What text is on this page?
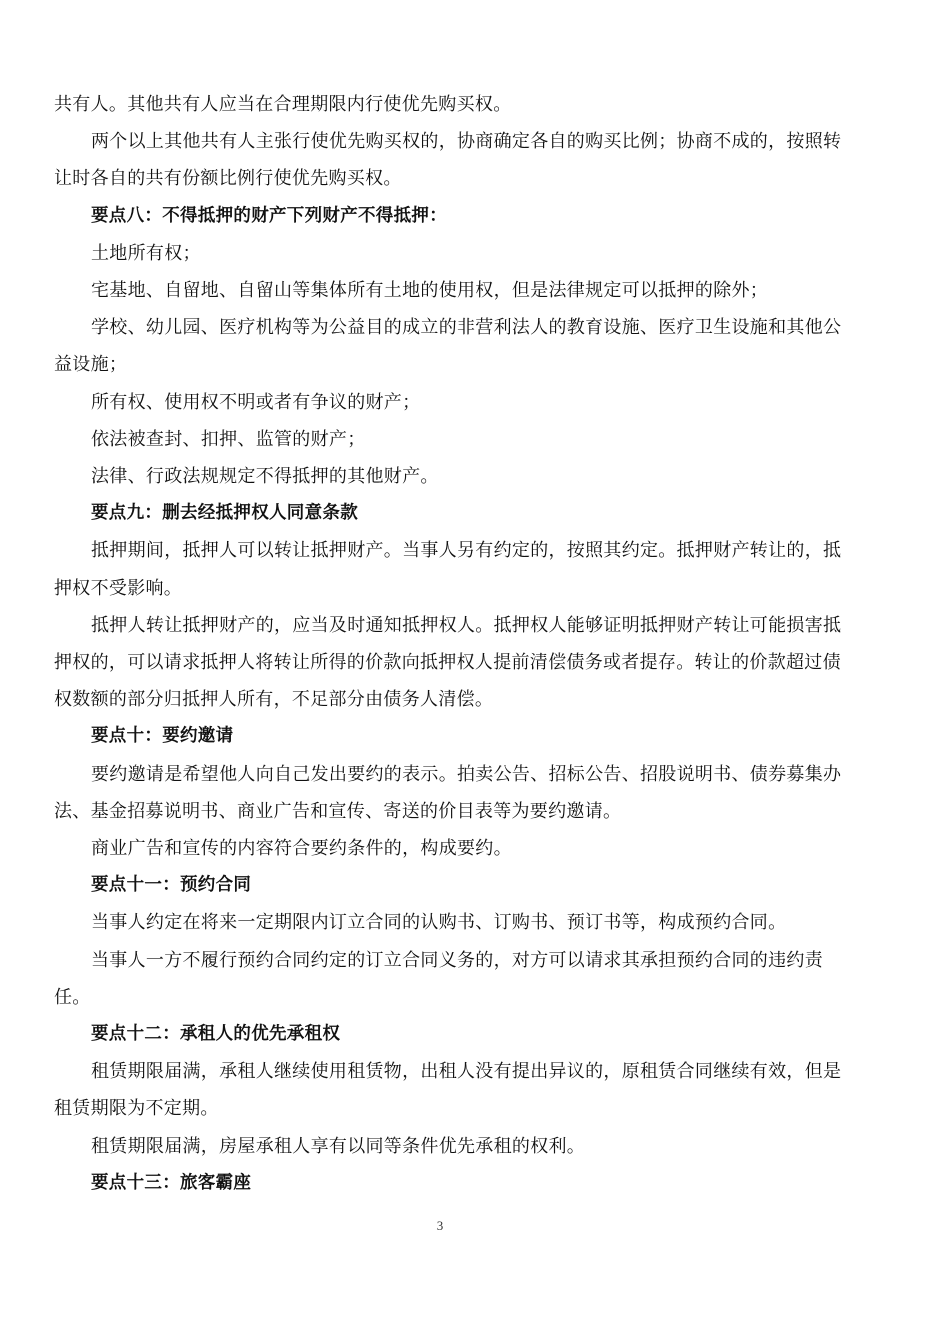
共有人。其他共有人应当在合理期限内行使优先购买权。

两个以上其他共有人主张行使优先购买权的，协商确定各自的购买比例；协商不成的，按照转让时各自的共有份额比例行使优先购买权。

要点八：不得抵押的财产下列财产不得抵押：

土地所有权；

宅基地、自留地、自留山等集体所有土地的使用权，但是法律规定可以抵押的除外；

学校、幼儿园、医疗机构等为公益目的成立的非营利法人的教育设施、医疗卫生设施和其他公益设施；

所有权、使用权不明或者有争议的财产；

依法被查封、扣押、监管的财产；

法律、行政法规规定不得抵押的其他财产。

要点九：删去经抵押权人同意条款

抵押期间，抵押人可以转让抵押财产。当事人另有约定的，按照其约定。抵押财产转让的，抵押权不受影响。

抵押人转让抵押财产的，应当及时通知抵押权人。抵押权人能够证明抵押财产转让可能损害抵押权的，可以请求抵押人将转让所得的价款向抵押权人提前清偿债务或者提存。转让的价款超过债权数额的部分归抵押人所有，不足部分由债务人清偿。

要点十：要约邀请

要约邀请是希望他人向自己发出要约的表示。拍卖公告、招标公告、招股说明书、债券募集办法、基金招募说明书、商业广告和宣传、寄送的价目表等为要约邀请。

商业广告和宣传的内容符合要约条件的，构成要约。

要点十一：预约合同

当事人约定在将来一定期限内订立合同的认购书、订购书、预订书等，构成预约合同。

当事人一方不履行预约合同约定的订立合同义务的，对方可以请求其承担预约合同的违约责任。

要点十二：承租人的优先承租权

租赁期限届满，承租人继续使用租赁物，出租人没有提出异议的，原租赁合同继续有效，但是租赁期限为不定期。

租赁期限届满，房屋承租人享有以同等条件优先承租的权利。

要点十三：旅客霸座

3
